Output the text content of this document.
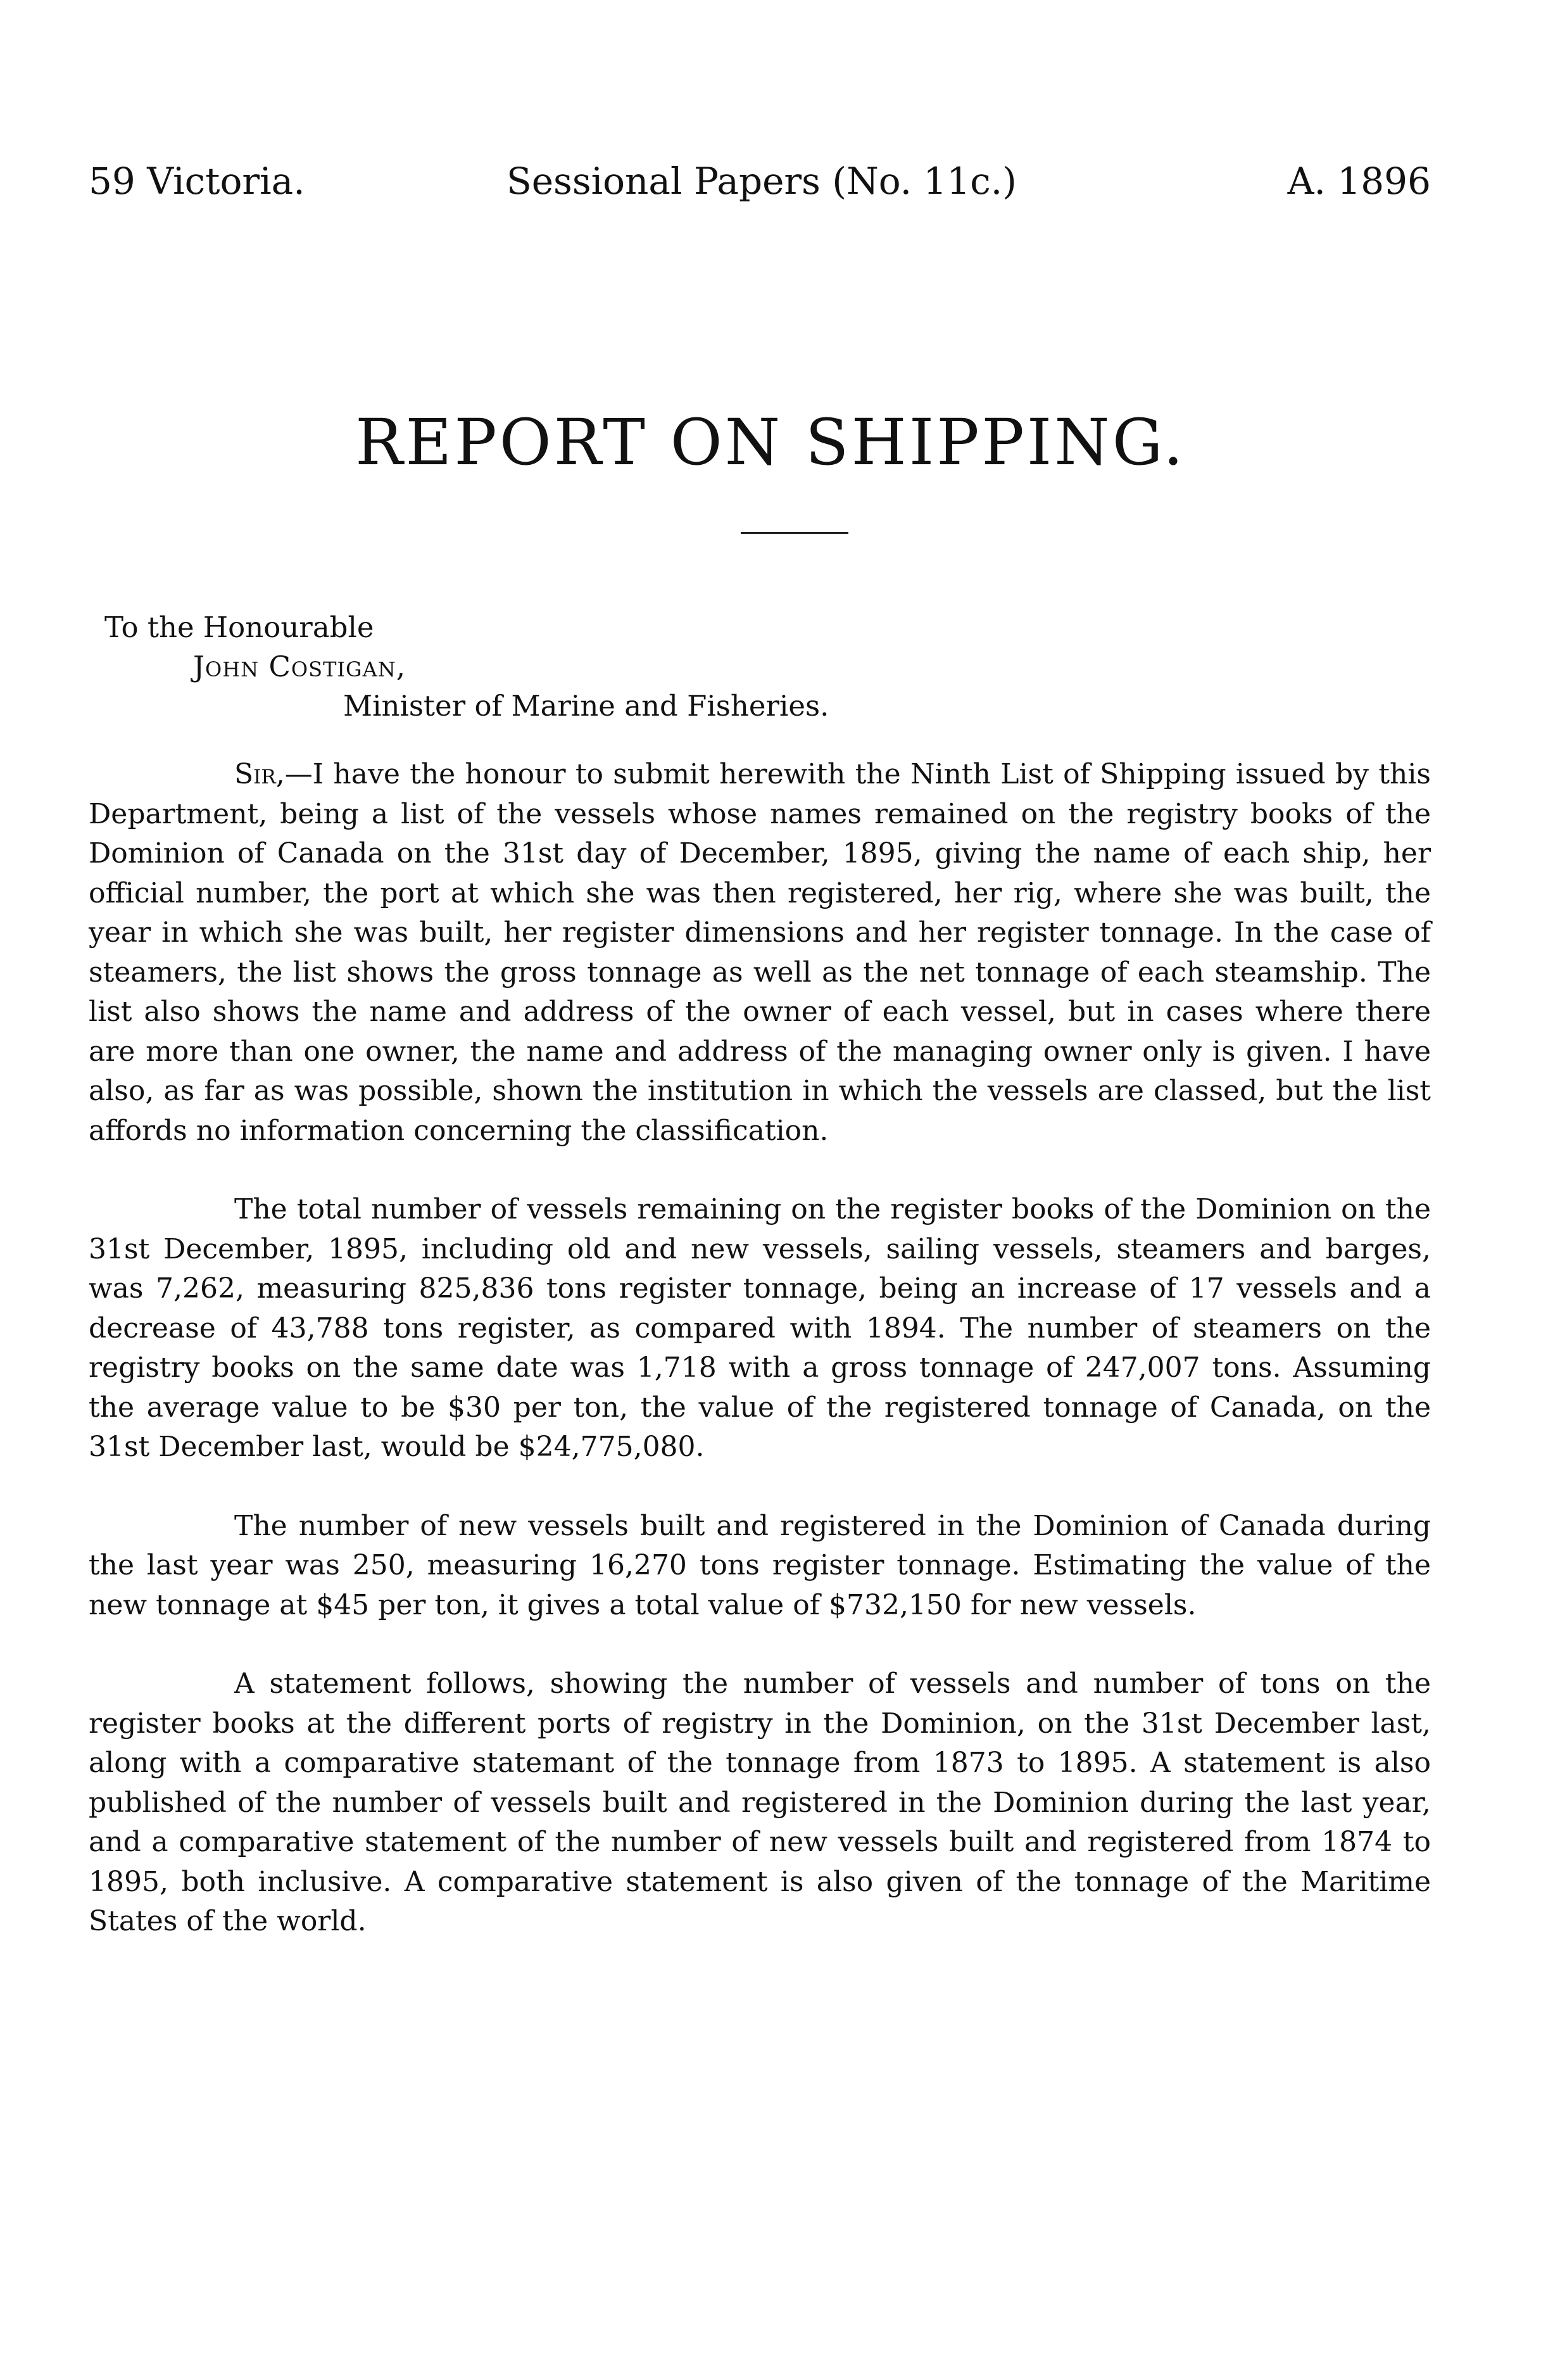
59 Victoria.	Sessional Papers (No. 11c.)	A. 1896
REPORT ON SHIPPING.
To the Honourable
John Costigan,
Minister of Marine and Fisheries.

Sir,—I have the honour to submit herewith the Ninth List of Shipping issued by this Department, being a list of the vessels whose names remained on the registry books of the Dominion of Canada on the 31st day of December, 1895, giving the name of each ship, her official number, the port at which she was then registered, her rig, where she was built, the year in which she was built, her register dimensions and her register tonnage. In the case of steamers, the list shows the gross tonnage as well as the net tonnage of each steamship. The list also shows the name and address of the owner of each vessel, but in cases where there are more than one owner, the name and address of the managing owner only is given. I have also, as far as was possible, shown the institution in which the vessels are classed, but the list affords no information concerning the classification.

The total number of vessels remaining on the register books of the Dominion on the 31st December, 1895, including old and new vessels, sailing vessels, steamers and barges, was 7,262, measuring 825,836 tons register tonnage, being an increase of 17 vessels and a decrease of 43,788 tons register, as compared with 1894. The number of steamers on the registry books on the same date was 1,718 with a gross tonnage of 247,007 tons. Assuming the average value to be $30 per ton, the value of the registered tonnage of Canada, on the 31st December last, would be $24,775,080.

The number of new vessels built and registered in the Dominion of Canada during the last year was 250, measuring 16,270 tons register tonnage. Estimating the value of the new tonnage at $45 per ton, it gives a total value of $732,150 for new vessels.

A statement follows, showing the number of vessels and number of tons on the register books at the different ports of registry in the Dominion, on the 31st December last, along with a comparative statemant of the tonnage from 1873 to 1895. A statement is also published of the number of vessels built and registered in the Dominion during the last year, and a comparative statement of the number of new vessels built and registered from 1874 to 1895, both inclusive. A comparative statement is also given of the tonnage of the Maritime States of the world.
